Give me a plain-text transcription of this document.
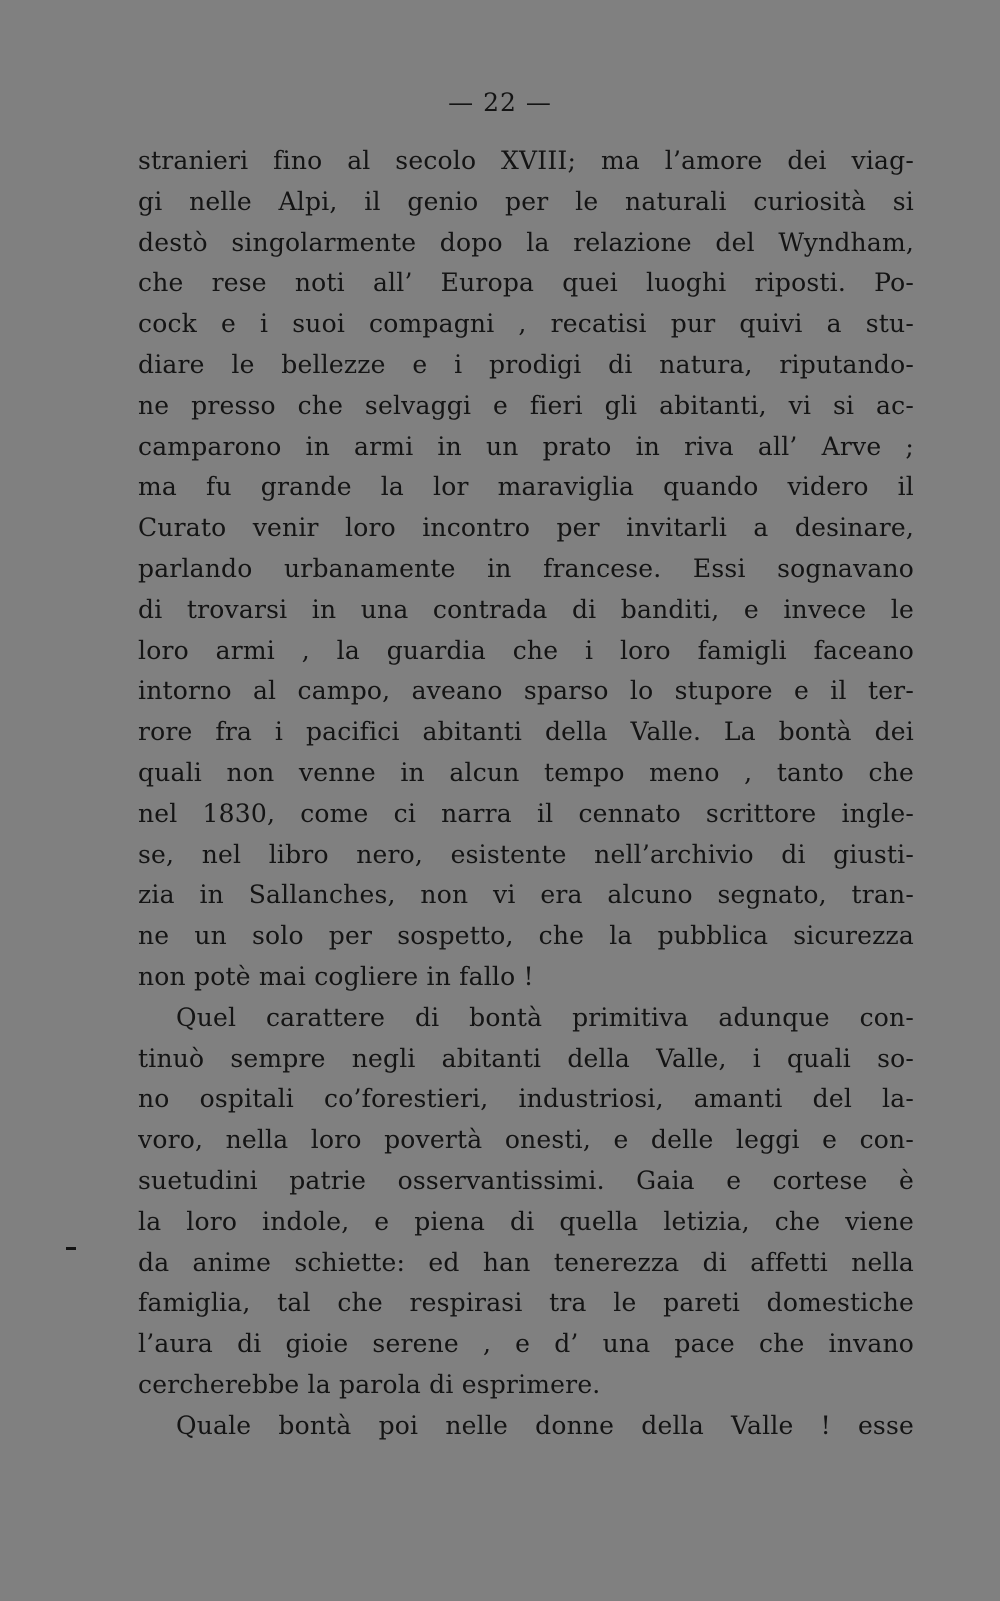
— 22 —
stranieri fino al secolo XVIII; ma l’amore dei viag-
gi nelle Alpi, il genio per le naturali curiosità si
destò singolarmente dopo la relazione del Wyndham,
che rese noti all’ Europa quei luoghi riposti. Po-
cock e i suoi compagni , recatisi pur quivi a stu-
diare le bellezze e i prodigi di natura, riputando-
ne presso che selvaggi e fieri gli abitanti, vi si ac-
camparono in armi in un prato in riva all’ Arve ;
ma fu grande la lor maraviglia quando videro il
Curato venir loro incontro per invitarli a desinare,
parlando urbanamente in francese. Essi sognavano
di trovarsi in una contrada di banditi, e invece le
loro armi , la guardia che i loro famigli faceano
intorno al campo, aveano sparso lo stupore e il ter-
rore fra i pacifici abitanti della Valle. La bontà dei
quali non venne in alcun tempo meno , tanto che
nel 1830, come ci narra il cennato scrittore ingle-
se, nel libro nero, esistente nell’archivio di giusti-
zia in Sallanches, non vi era alcuno segnato, tran-
ne un solo per sospetto, che la pubblica sicurezza
non potè mai cogliere in fallo !
Quel carattere di bontà primitiva adunque con-
tinuò sempre negli abitanti della Valle, i quali so-
no ospitali co’forestieri, industriosi, amanti del la-
voro, nella loro povertà onesti, e delle leggi e con-
suetudini patrie osservantissimi. Gaia e cortese è
la loro indole, e piena di quella letizia, che viene
da anime schiette: ed han tenerezza di affetti nella
famiglia, tal che respirasi tra le pareti domestiche
l’aura di gioie serene , e d’ una pace che invano
cercherebbe la parola di esprimere.
Quale bontà poi nelle donne della Valle ! esse
